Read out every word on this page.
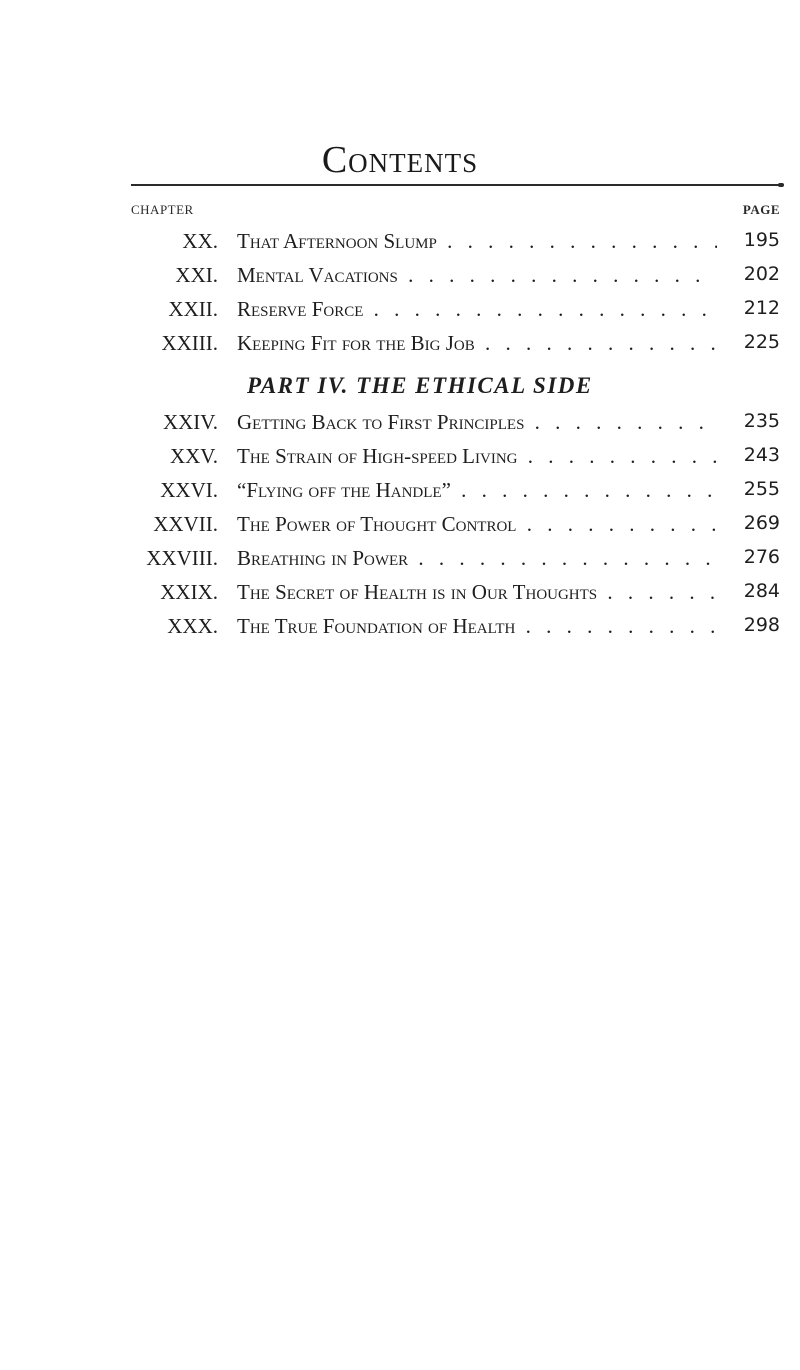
Contents
CHAPTER	PAGE
XX. That Afternoon Slump . . .	195
XXI. Mental Vacations . . .	202
XXII. Reserve Force . . .	212
XXIII. Keeping Fit for the Big Job . . .	225
PART IV. THE ETHICAL SIDE
XXIV. Getting Back to First Principles . . .	235
XXV. The Strain of High-speed Living . . .	243
XXVI. “Flying off the Handle” . . .	255
XXVII. The Power of Thought Control . . .	269
XXVIII. Breathing in Power . . .	276
XXIX. The Secret of Health is in Our Thoughts . . .	284
XXX. The True Foundation of Health . . .	298
